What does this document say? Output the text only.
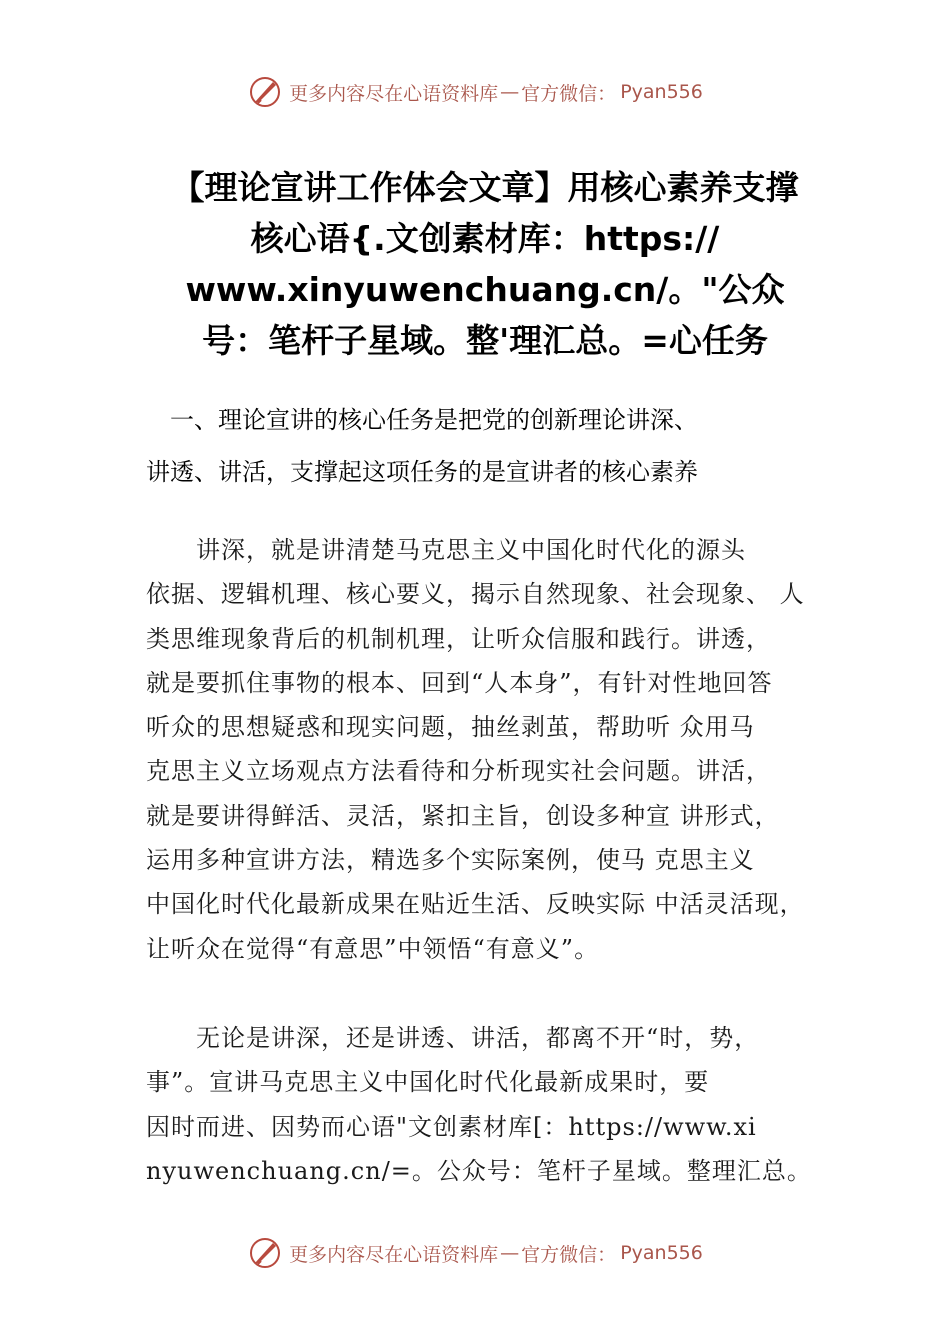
更多内容尽在心语资料库 — 官方微信： Pyan556
【理论宣讲工作体会文章】用核心素养支撑
核心语{.文创素材库：https://
www.xinyuwenchuang.cn/。"公众
号：笔杆子星域。整'理汇总。=心任务
　一、理论宣讲的核心任务是把党的创新理论讲深、
讲透、讲活，支撑起这项任务的是宣讲者的核心素养
　　讲深，就是讲清楚马克思主义中国化时代化的源头
依据、逻辑机理、核心要义，揭示自然现象、社会现象、 人
类思维现象背后的机制机理，让听众信服和践行。讲透，
就是要抓住事物的根本、回到“人本身”，有针对性地回答
听众的思想疑惑和现实问题，抽丝剥茧，帮助听 众用马
克思主义立场观点方法看待和分析现实社会问题。讲活，
就是要讲得鲜活、灵活，紧扣主旨，创设多种宣 讲形式，
运用多种宣讲方法，精选多个实际案例，使马 克思主义
中国化时代化最新成果在贴近生活、反映实际 中活灵活现，
让听众在觉得“有意思”中领悟“有意义”。
　　无论是讲深，还是讲透、讲活，都离不开“时，势，
事”。宣讲马克思主义中国化时代化最新成果时，要
因时而进、因势而心语"文创素材库[：https://www.xi
nyuwenchuang.cn/=。公众号：笔杆子星域。整理汇总。
更多内容尽在心语资料库 — 官方微信： Pyan556
